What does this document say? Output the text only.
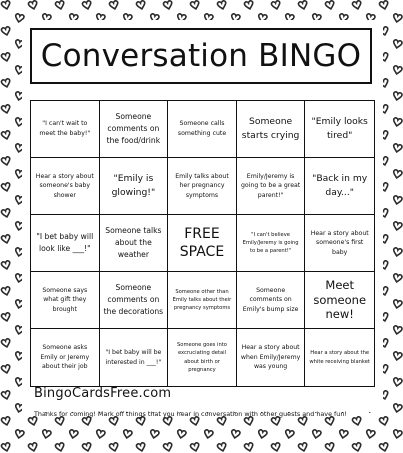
Conversation BINGO
"I can't wait to meet the baby!"
Someone comments on the food/drink
Someone calls something cute
Someone starts crying
"Emily looks tired"
Hear a story about someone's baby shower
"Emily is glowing!"
Emily talks about her pregnancy symptoms
Emily/Jeremy is going to be a great parent!"
"Back in my day..."
"I bet baby will look like ___!"
Someone talks about the weather
FREE SPACE
"I can't believe Emily/Jeremy is going to be a parent!"
Hear a story about someone's first baby
Someone says what gift they brought
Someone comments on the decorations
Someone other than Emily talks about their pregnancy symptoms
Someone comments on Emily's bump size
Meet someone new!
Someone asks Emily or Jeremy about their job
"I bet baby will be interested in ___!"
Someone goes into excruciating detail about birth or pregnancy
Hear a story about when Emily/Jeremy was young
Hear a story about the white receiving blanket
BingoCardsFree.com
Thanks for coming! Mark off things that you hear in conversation with other guests and have fun!
